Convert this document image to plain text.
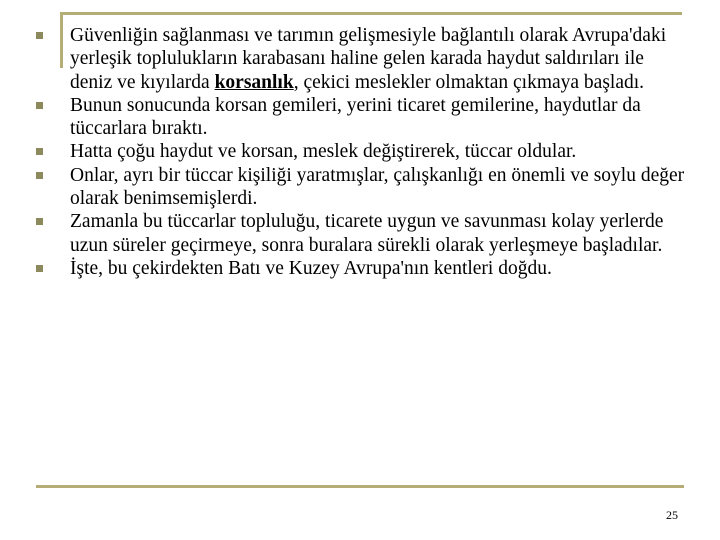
Güvenliğin sağlanması ve tarımın gelişmesiyle bağlantılı olarak Avrupa'daki yerleşik toplulukların karabasanı haline gelen karada haydut saldırıları ile deniz ve kıyılarda korsanlık, çekici meslekler olmaktan çıkmaya başladı.
Bunun sonucunda korsan gemileri, yerini ticaret gemilerine, haydutlar da tüccarlara bıraktı.
Hatta çoğu haydut ve korsan, meslek değiştirerek, tüccar oldular.
Onlar, ayrı bir tüccar kişiliği yaratmışlar, çalışkanlığı en önemli ve soylu değer olarak benimsemişlerdi.
Zamanla bu tüccarlar topluluğu, ticarete uygun ve savunması kolay yerlerde uzun süreler geçirmeye, sonra buralara sürekli olarak yerleşmeye başladılar.
İşte, bu çekirdekten Batı ve Kuzey Avrupa'nın kentleri doğdu.
25
